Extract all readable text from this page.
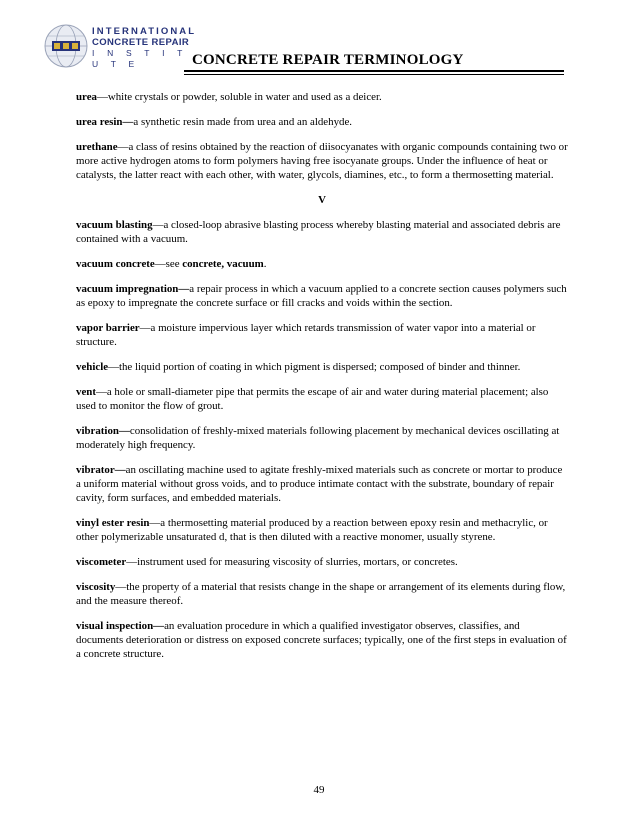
INTERNATIONAL
CONCRETE REPAIR
I N S T I T U T E	CONCRETE REPAIR TERMINOLOGY

urea—white crystals or powder, soluble in water and used as a deicer.

urea resin—a synthetic resin made from urea and an aldehyde.

urethane—a class of resins obtained by the reaction of diisocyanates with organic compounds containing two or more active hydrogen atoms to form polymers having free isocyanate groups. Under the influence of heat or catalysts, the latter react with each other, with water, glycols, diamines, etc., to form a thermosetting material.

V

vacuum blasting—a closed-loop abrasive blasting process whereby blasting material and associated debris are contained with a vacuum.

vacuum concrete—see concrete, vacuum.

vacuum impregnation—a repair process in which a vacuum applied to a concrete section causes polymers such as epoxy to impregnate the concrete surface or fill cracks and voids within the section.

vapor barrier—a moisture impervious layer which retards transmission of water vapor into a material or structure.

vehicle—the liquid portion of coating in which pigment is dispersed; composed of binder and thinner.

vent—a hole or small-diameter pipe that permits the escape of air and water during material placement; also used to monitor the flow of grout.

vibration—consolidation of freshly-mixed materials following placement by mechanical devices oscillating at moderately high frequency.

vibrator—an oscillating machine used to agitate freshly-mixed materials such as concrete or mortar to produce a uniform material without gross voids, and to produce intimate contact with the substrate, boundary of repair cavity, form surfaces, and embedded materials.

vinyl ester resin—a thermosetting material produced by a reaction between epoxy resin and methacrylic, or other polymerizable unsaturated d, that is then diluted with a reactive monomer, usually styrene.

viscometer—instrument used for measuring viscosity of slurries, mortars, or concretes.

viscosity—the property of a material that resists change in the shape or arrangement of its elements during flow, and the measure thereof.

visual inspection—an evaluation procedure in which a qualified investigator observes, classifies, and documents deterioration or distress on exposed concrete surfaces; typically, one of the first steps in evaluation of a concrete structure.

49
